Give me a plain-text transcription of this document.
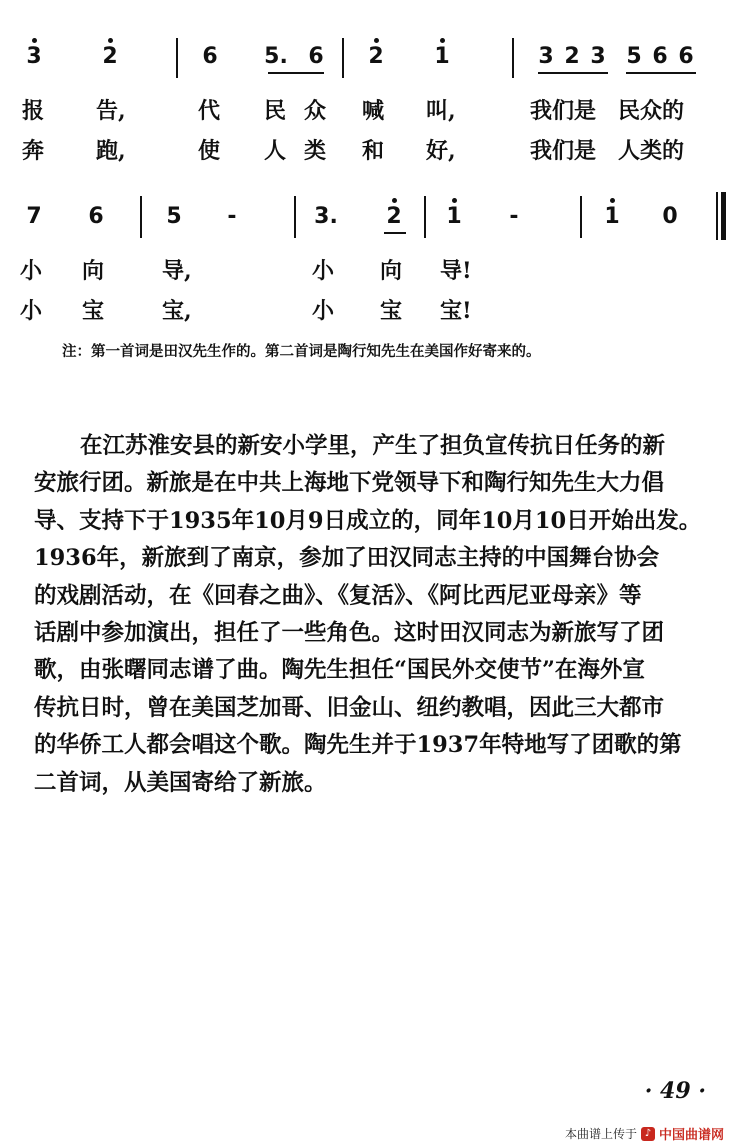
3	2	6	5. 6	2	1	3 2 3 5 6 6
报 告,	代 民 众 喊 叫,	我们是 民众的
奔 跑,	使 人 类 和 好,	我们是 人类的
7	6	5	-	3.	2	1	-	1	0
小 向	导,	小 向 导!
小 宝	宝,	小 宝 宝!
注：第一首词是田汉先生作的。第二首词是陶行知先生在美国作好寄来的。
在江苏淮安县的新安小学里，产生了担负宣传抗日任务的新
安旅行团。新旅是在中共上海地下党领导下和陶行知先生大力倡
导、支持下于1935年10月9日成立的，同年10月10日开始出发。
1936年，新旅到了南京，参加了田汉同志主持的中国舞台协会
的戏剧活动，在《回春之曲》、《复活》、《阿比西尼亚母亲》等
话剧中参加演出，担任了一些角色。这时田汉同志为新旅写了团
歌，由张曙同志谱了曲。陶先生担任“国民外交使节”在海外宣
传抗日时，曾在美国芝加哥、旧金山、纽约教唱，因此三大都市
的华侨工人都会唱这个歌。陶先生并于1937年特地写了团歌的第
二首词，从美国寄给了新旅。
· 49 ·
本曲谱上传于 ♪ 中国曲谱网
